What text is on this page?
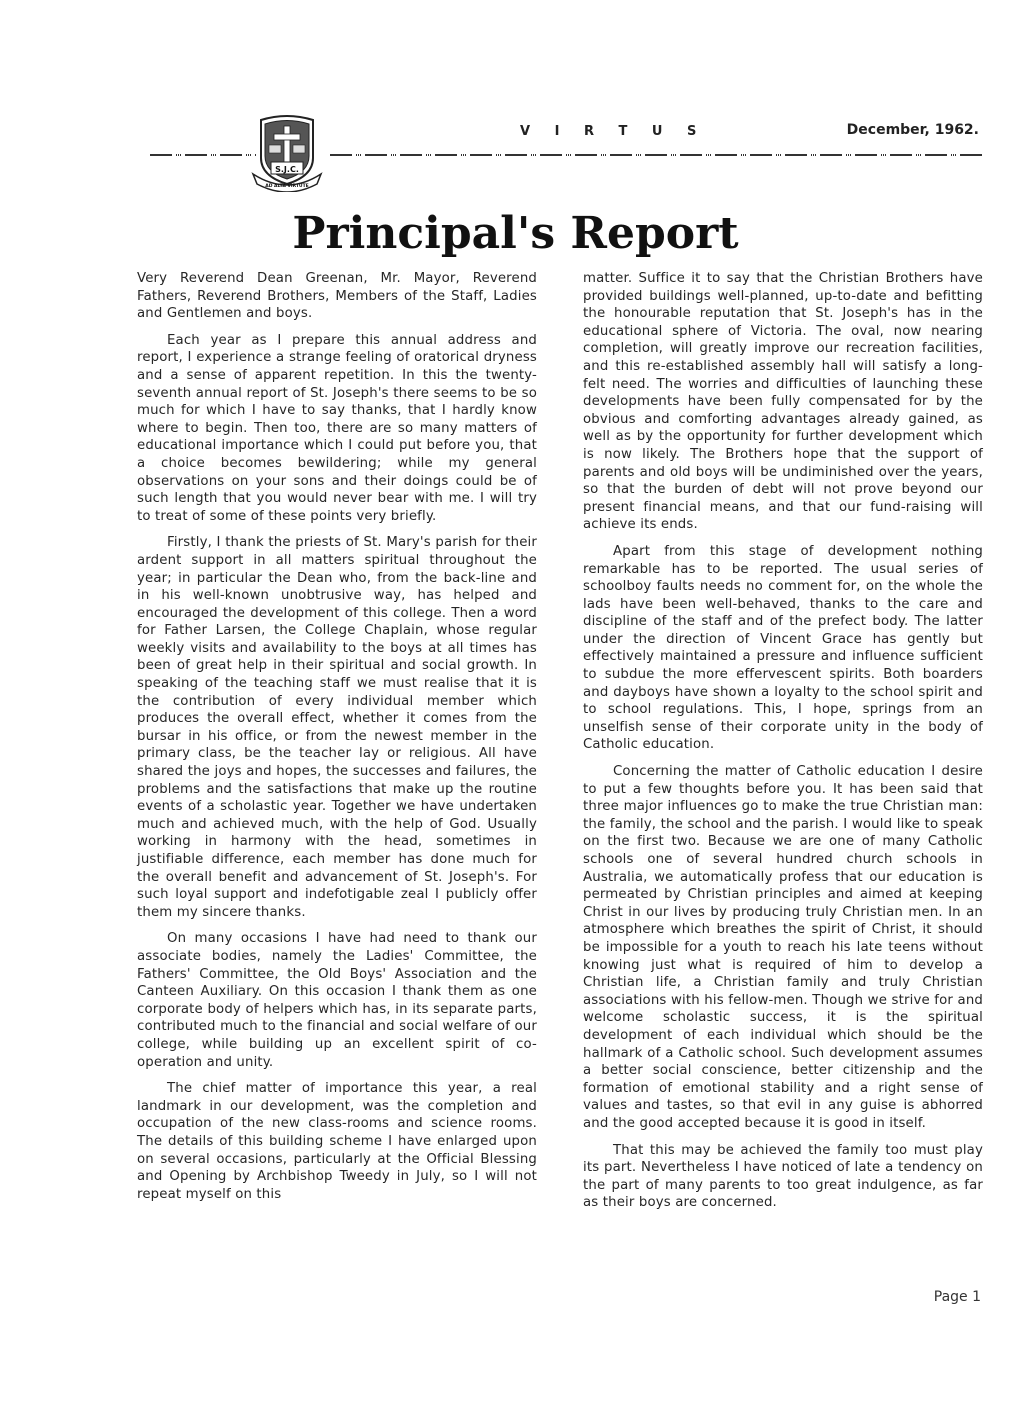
S.J.C.
AD ALTA VIRTUTE
V I R T U S	December, 1962.
Principal's Report

Very Reverend Dean Greenan, Mr. Mayor, Reverend Fathers, Reverend Brothers, Members of the Staff, Ladies and Gentlemen and boys.

Each year as I prepare this annual address and report, I experience a strange feeling of oratorical dryness and a sense of apparent repetition. In this the twenty-seventh annual report of St. Joseph's there seems to be so much for which I have to say thanks, that I hardly know where to begin. Then too, there are so many matters of educational importance which I could put before you, that a choice becomes bewildering; while my general observations on your sons and their doings could be of such length that you would never bear with me. I will try to treat of some of these points very briefly.

Firstly, I thank the priests of St. Mary's parish for their ardent support in all matters spiritual throughout the year; in particular the Dean who, from the back-line and in his well-known unobtrusive way, has helped and encouraged the development of this college. Then a word for Father Larsen, the College Chaplain, whose regular weekly visits and availability to the boys at all times has been of great help in their spiritual and social growth. In speaking of the teaching staff we must realise that it is the contribution of every individual member which produces the overall effect, whether it comes from the bursar in his office, or from the newest member in the primary class, be the teacher lay or religious. All have shared the joys and hopes, the successes and failures, the problems and the satisfactions that make up the routine events of a scholastic year. Together we have undertaken much and achieved much, with the help of God. Usually working in harmony with the head, sometimes in justifiable difference, each member has done much for the overall benefit and advancement of St. Joseph's. For such loyal support and indefotigable zeal I publicly offer them my sincere thanks.

On many occasions I have had need to thank our associate bodies, namely the Ladies' Committee, the Fathers' Committee, the Old Boys' Association and the Canteen Auxiliary. On this occasion I thank them as one corporate body of helpers which has, in its separate parts, contributed much to the financial and social welfare of our college, while building up an excellent spirit of co-operation and unity.

The chief matter of importance this year, a real landmark in our development, was the completion and occupation of the new class-rooms and science rooms. The details of this building scheme I have enlarged upon on several occasions, particularly at the Official Blessing and Opening by Archbishop Tweedy in July, so I will not repeat myself on this

matter. Suffice it to say that the Christian Brothers have provided buildings well-planned, up-to-date and befitting the honourable reputation that St. Joseph's has in the educational sphere of Victoria. The oval, now nearing completion, will greatly improve our recreation facilities, and this re-established assembly hall will satisfy a long-felt need. The worries and difficulties of launching these developments have been fully compensated for by the obvious and comforting advantages already gained, as well as by the opportunity for further development which is now likely. The Brothers hope that the support of parents and old boys will be undiminished over the years, so that the burden of debt will not prove beyond our present financial means, and that our fund-raising will achieve its ends.

Apart from this stage of development nothing remarkable has to be reported. The usual series of schoolboy faults needs no comment for, on the whole the lads have been well-behaved, thanks to the care and discipline of the staff and of the prefect body. The latter under the direction of Vincent Grace has gently but effectively maintained a pressure and influence sufficient to subdue the more effervescent spirits. Both boarders and dayboys have shown a loyalty to the school spirit and to school regulations. This, I hope, springs from an unselfish sense of their corporate unity in the body of Catholic education.

Concerning the matter of Catholic education I desire to put a few thoughts before you. It has been said that three major influences go to make the true Christian man: the family, the school and the parish. I would like to speak on the first two. Because we are one of many Catholic schools one of several hundred church schools in Australia, we automatically profess that our education is permeated by Christian principles and aimed at keeping Christ in our lives by producing truly Christian men. In an atmosphere which breathes the spirit of Christ, it should be impossible for a youth to reach his late teens without knowing just what is required of him to develop a Christian life, a Christian family and truly Christian associations with his fellow-men. Though we strive for and welcome scholastic success, it is the spiritual development of each individual which should be the hallmark of a Catholic school. Such development assumes a better social conscience, better citizenship and the formation of emotional stability and a right sense of values and tastes, so that evil in any guise is abhorred and the good accepted because it is good in itself.

That this may be achieved the family too must play its part. Nevertheless I have noticed of late a tendency on the part of many parents to too great indulgence, as far as their boys are concerned.

Page 1
